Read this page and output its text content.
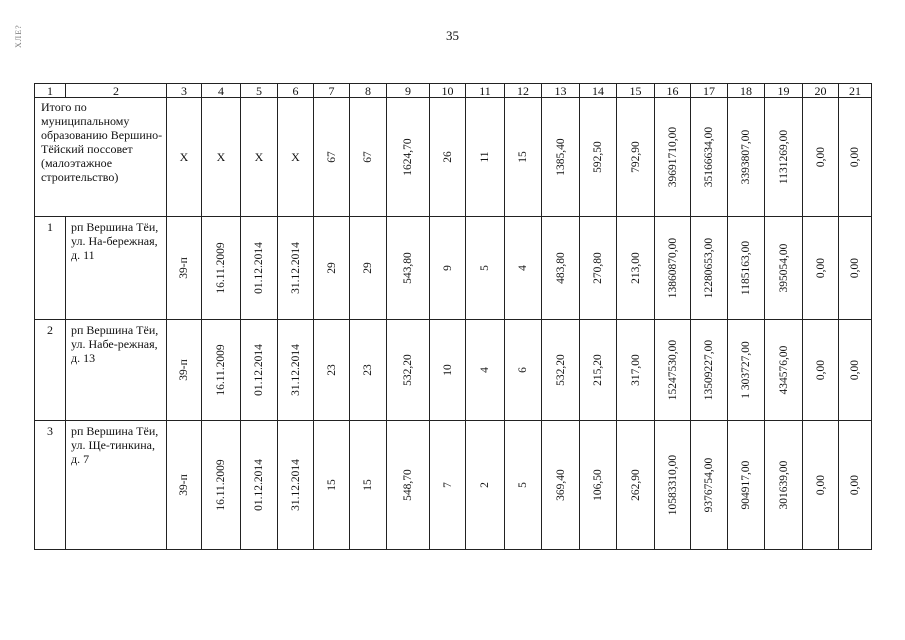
35
ХЛЕ?
1	2	3	4	5	6	7	8	9	10	11	12	13	14	15	16	17	18	19	20	21
Итого по муниципальному образованию Вершино-Тёйский поссовет (малоэтажное строительство)		X	X	X	X	67	67	1624,70	26	11	15	1385,40	592,50	792,90	39691710,00	35166634,00	3393807,00	1131269,00	0,00	0,00

1	рп Вершина Тёи, ул. На-бережная, д. 11	39-п	16.11.2009	01.12.2014	31.12.2014	29	29	543,80	9	5	4	483,80	270,80	213,00	13860870,00	12280653,00	1185163,00	395054,00	0,00	0,00

2	рп Вершина Тёи, ул. Набе-режная, д. 13	39-п	16.11.2009	01.12.2014	31.12.2014	23	23	532,20	10	4	6	532,20	215,20	317,00	15247530,00	13509227,00	1 303727,00	434576,00	0,00	0,00

3	рп Вершина Тёи, ул. Ще-тинкина, д. 7	39-п	16.11.2009	01.12.2014	31.12.2014	15	15	548,70	7	2	5	369,40	106,50	262,90	10583310,00	9376754,00	904917,00	301639,00	0,00	0,00
